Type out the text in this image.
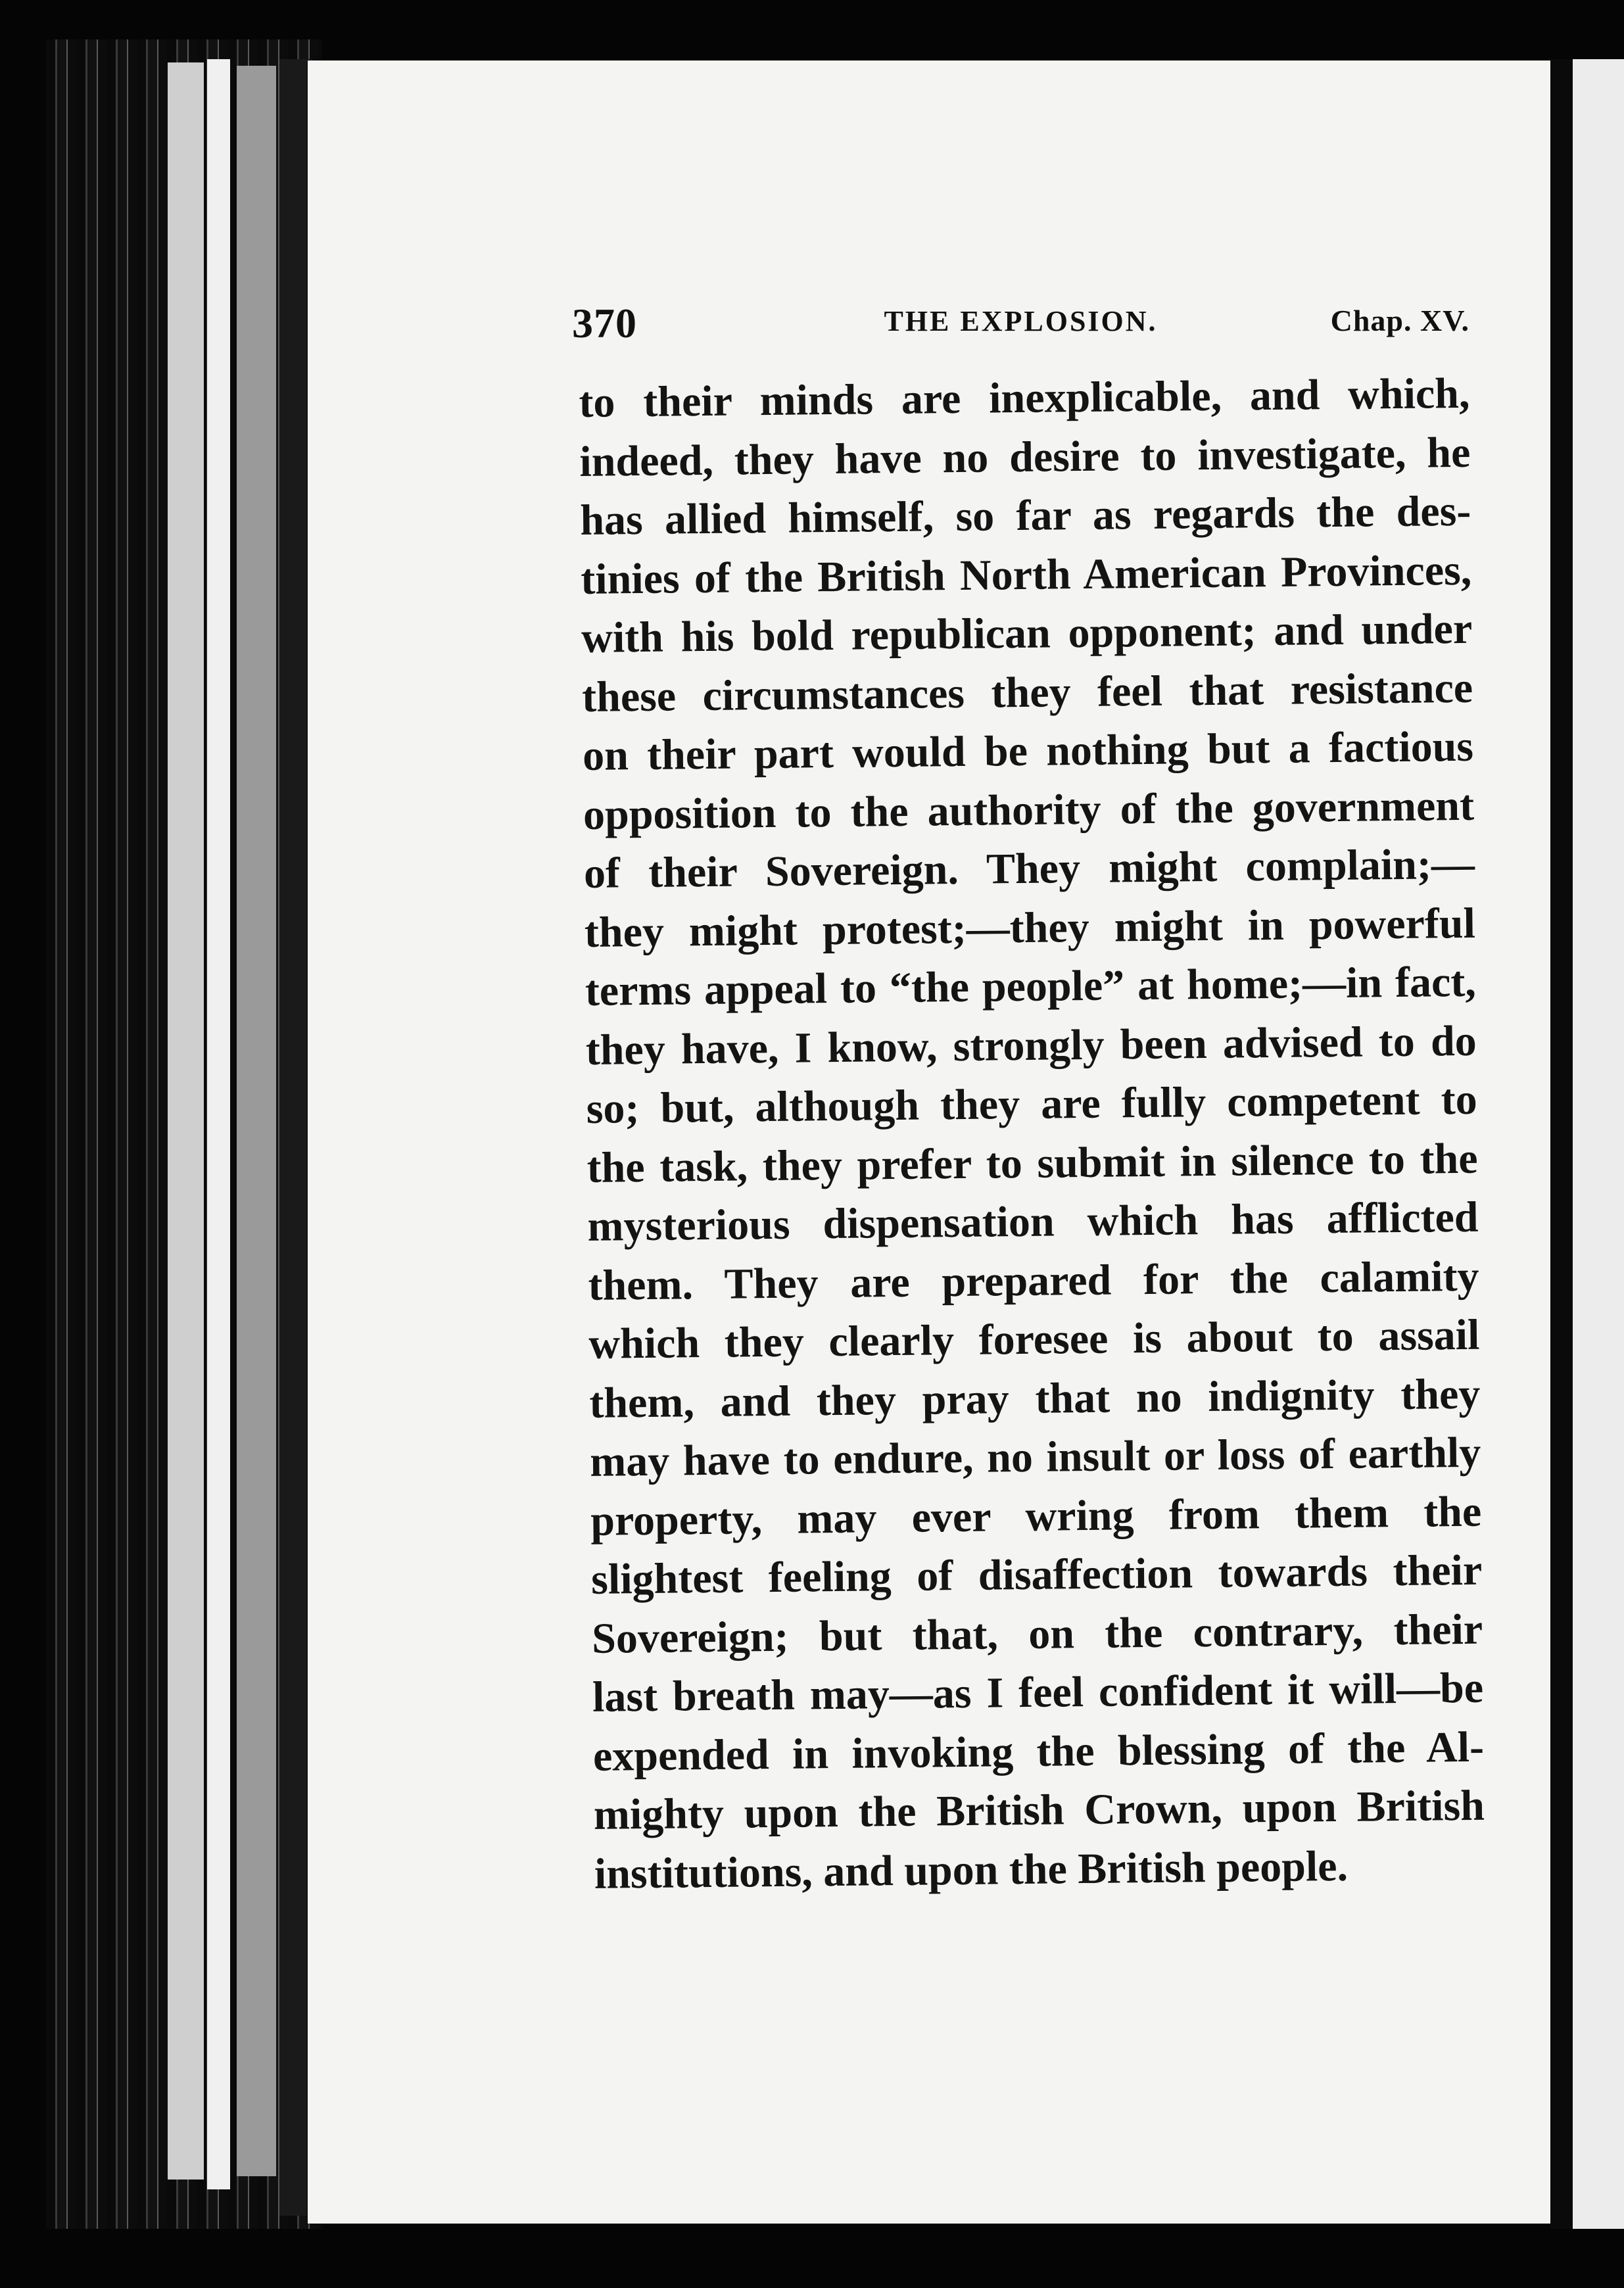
370	THE EXPLOSION.	Chap. XV.
to their minds are inexplicable, and which,
indeed, they have no desire to investigate, he
has allied himself, so far as regards the des-
tinies of the British North American Provinces,
with his bold republican opponent; and under
these circumstances they feel that resistance
on their part would be nothing but a factious
opposition to the authority of the government
of their Sovereign. They might complain;—
they might protest;—they might in powerful
terms appeal to “the people” at home;—in fact,
they have, I know, strongly been advised to do
so; but, although they are fully competent to
the task, they prefer to submit in silence to the
mysterious dispensation which has afflicted
them. They are prepared for the calamity
which they clearly foresee is about to assail
them, and they pray that no indignity they
may have to endure, no insult or loss of earthly
property, may ever wring from them the
slightest feeling of disaffection towards their
Sovereign; but that, on the contrary, their
last breath may—as I feel confident it will—be
expended in invoking the blessing of the Al-
mighty upon the British Crown, upon British
institutions, and upon the British people.
